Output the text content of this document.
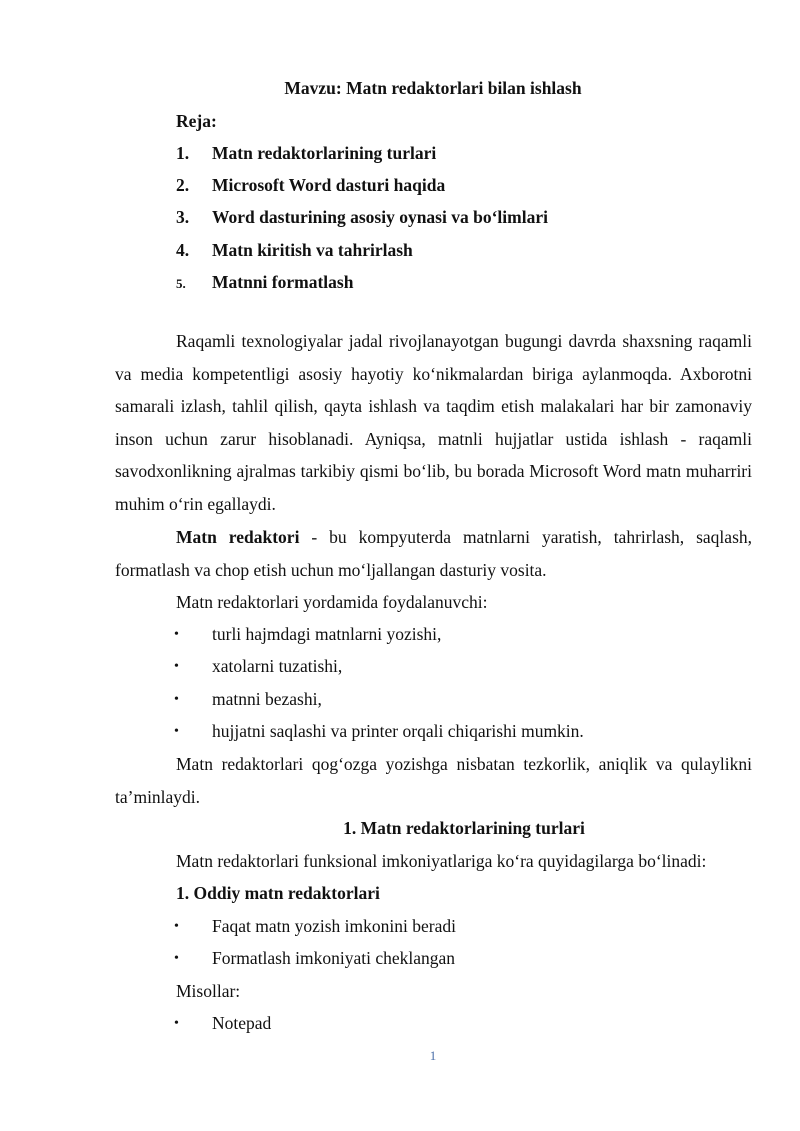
Mavzu: Matn redaktorlari bilan ishlash
Reja:
1. Matn redaktorlarining turlari
2. Microsoft Word dasturi haqida
3. Word dasturining asosiy oynasi va bo‘limlari
4. Matn kiritish va tahrirlash
5. Matnni formatlash
Raqamli texnologiyalar jadal rivojlanayotgan bugungi davrda shaxsning raqamli va media kompetentligi asosiy hayotiy ko‘nikmalardan biriga aylanmoqda. Axborotni samarali izlash, tahlil qilish, qayta ishlash va taqdim etish malakalari har bir zamonaviy inson uchun zarur hisoblanadi. Ayniqsa, matnli hujjatlar ustida ishlash - raqamli savodxonlikning ajralmas tarkibiy qismi bo‘lib, bu borada Microsoft Word matn muharriri muhim o‘rin egallaydi.
Matn redaktori - bu kompyuterda matnlarni yaratish, tahrirlash, saqlash, formatlash va chop etish uchun mo‘ljallangan dasturiy vosita.
Matn redaktorlari yordamida foydalanuvchi:
• turli hajmdagi matnlarni yozishi,
• xatolarni tuzatishi,
• matnni bezashi,
• hujjatni saqlashi va printer orqali chiqarishi mumkin.
Matn redaktorlari qog‘ozga yozishga nisbatan tezkorlik, aniqlik va qulaylikni ta’minlaydi.
1. Matn redaktorlarining turlari
Matn redaktorlari funksional imkoniyatlariga ko‘ra quyidagilarga bo‘linadi:
1. Oddiy matn redaktorlari
• Faqat matn yozish imkonini beradi
• Formatlash imkoniyati cheklangan
Misollar:
• Notepad
1
